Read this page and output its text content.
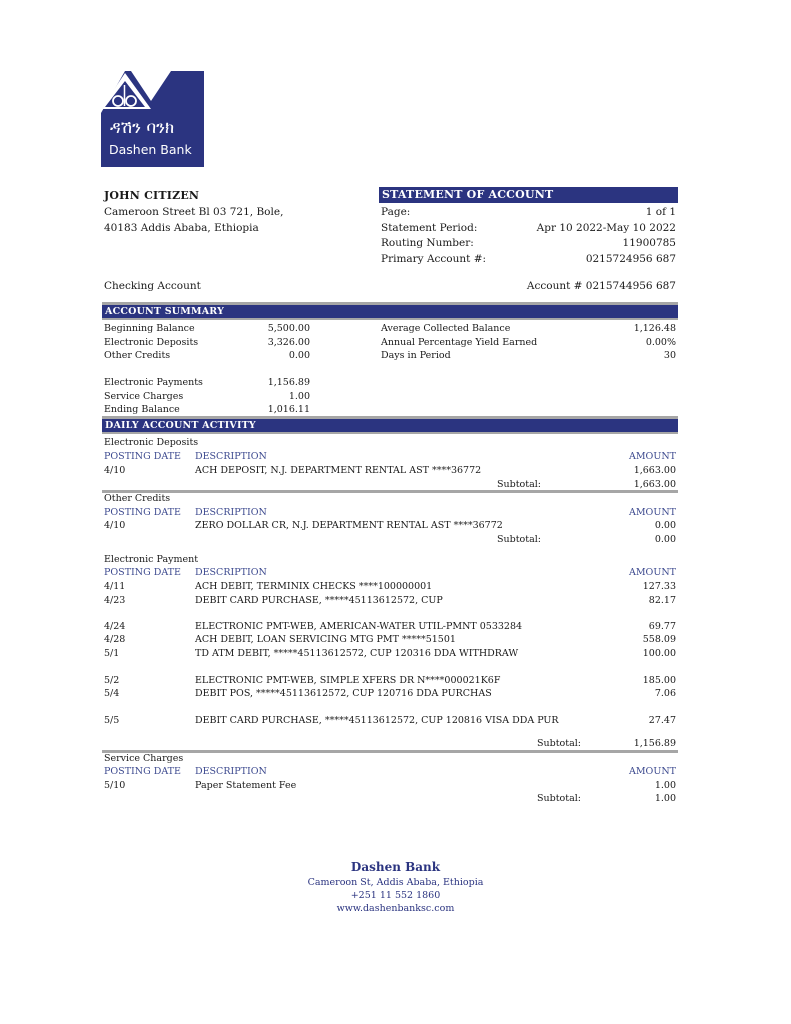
ዳሽን ባንክ
Dashen Bank
JOHN CITIZEN
Cameroon Street Bl 03 721, Bole,
40183 Addis Ababa, Ethiopia
Checking Account
STATEMENT OF ACCOUNT
Page:	1 of 1
Statement Period:	Apr 10 2022-May 10 2022
Routing Number:	11900785
Primary Account #:	0215724956 687
Account # 0215744956 687
ACCOUNT SUMMARY
Beginning Balance	5,500.00
Electronic Deposits	3,326.00
Other Credits	0.00
Electronic Payments	1,156.89
Service Charges	1.00
Ending Balance	1,016.11
Average Collected Balance	1,126.48
Annual Percentage Yield Earned	0.00%
Days in Period	30
DAILY ACCOUNT ACTIVITY
Electronic Deposits
POSTING DATE	DESCRIPTION	AMOUNT
4/10	ACH DEPOSIT, N.J. DEPARTMENT RENTAL AST ****36772	1,663.00
Subtotal:	1,663.00
Other Credits
POSTING DATE	DESCRIPTION	AMOUNT
4/10	ZERO DOLLAR CR, N.J. DEPARTMENT RENTAL AST ****36772	0.00
Subtotal:	0.00
Electronic Payment
POSTING DATE	DESCRIPTION	AMOUNT
4/11	ACH DEBIT, TERMINIX CHECKS ****100000001	127.33
4/23	DEBIT CARD PURCHASE, *****45113612572, CUP	82.17
4/24	ELECTRONIC PMT-WEB, AMERICAN-WATER UTIL-PMNT 0533284	69.77
4/28	ACH DEBIT, LOAN SERVICING MTG PMT *****51501	558.09
5/1	TD ATM DEBIT, *****45113612572, CUP 120316 DDA WITHDRAW	100.00
5/2	ELECTRONIC PMT-WEB, SIMPLE XFERS DR N****000021K6F	185.00
5/4	DEBIT POS, *****45113612572, CUP 120716 DDA PURCHAS	7.06
5/5	DEBIT CARD PURCHASE, *****45113612572, CUP 120816 VISA DDA PUR	27.47
Subtotal:	1,156.89
Service Charges
POSTING DATE	DESCRIPTION	AMOUNT
5/10	Paper Statement Fee	1.00
Subtotal:	1.00
Dashen Bank
Cameroon St, Addis Ababa, Ethiopia
+251 11 552 1860
www.dashenbanksc.com
